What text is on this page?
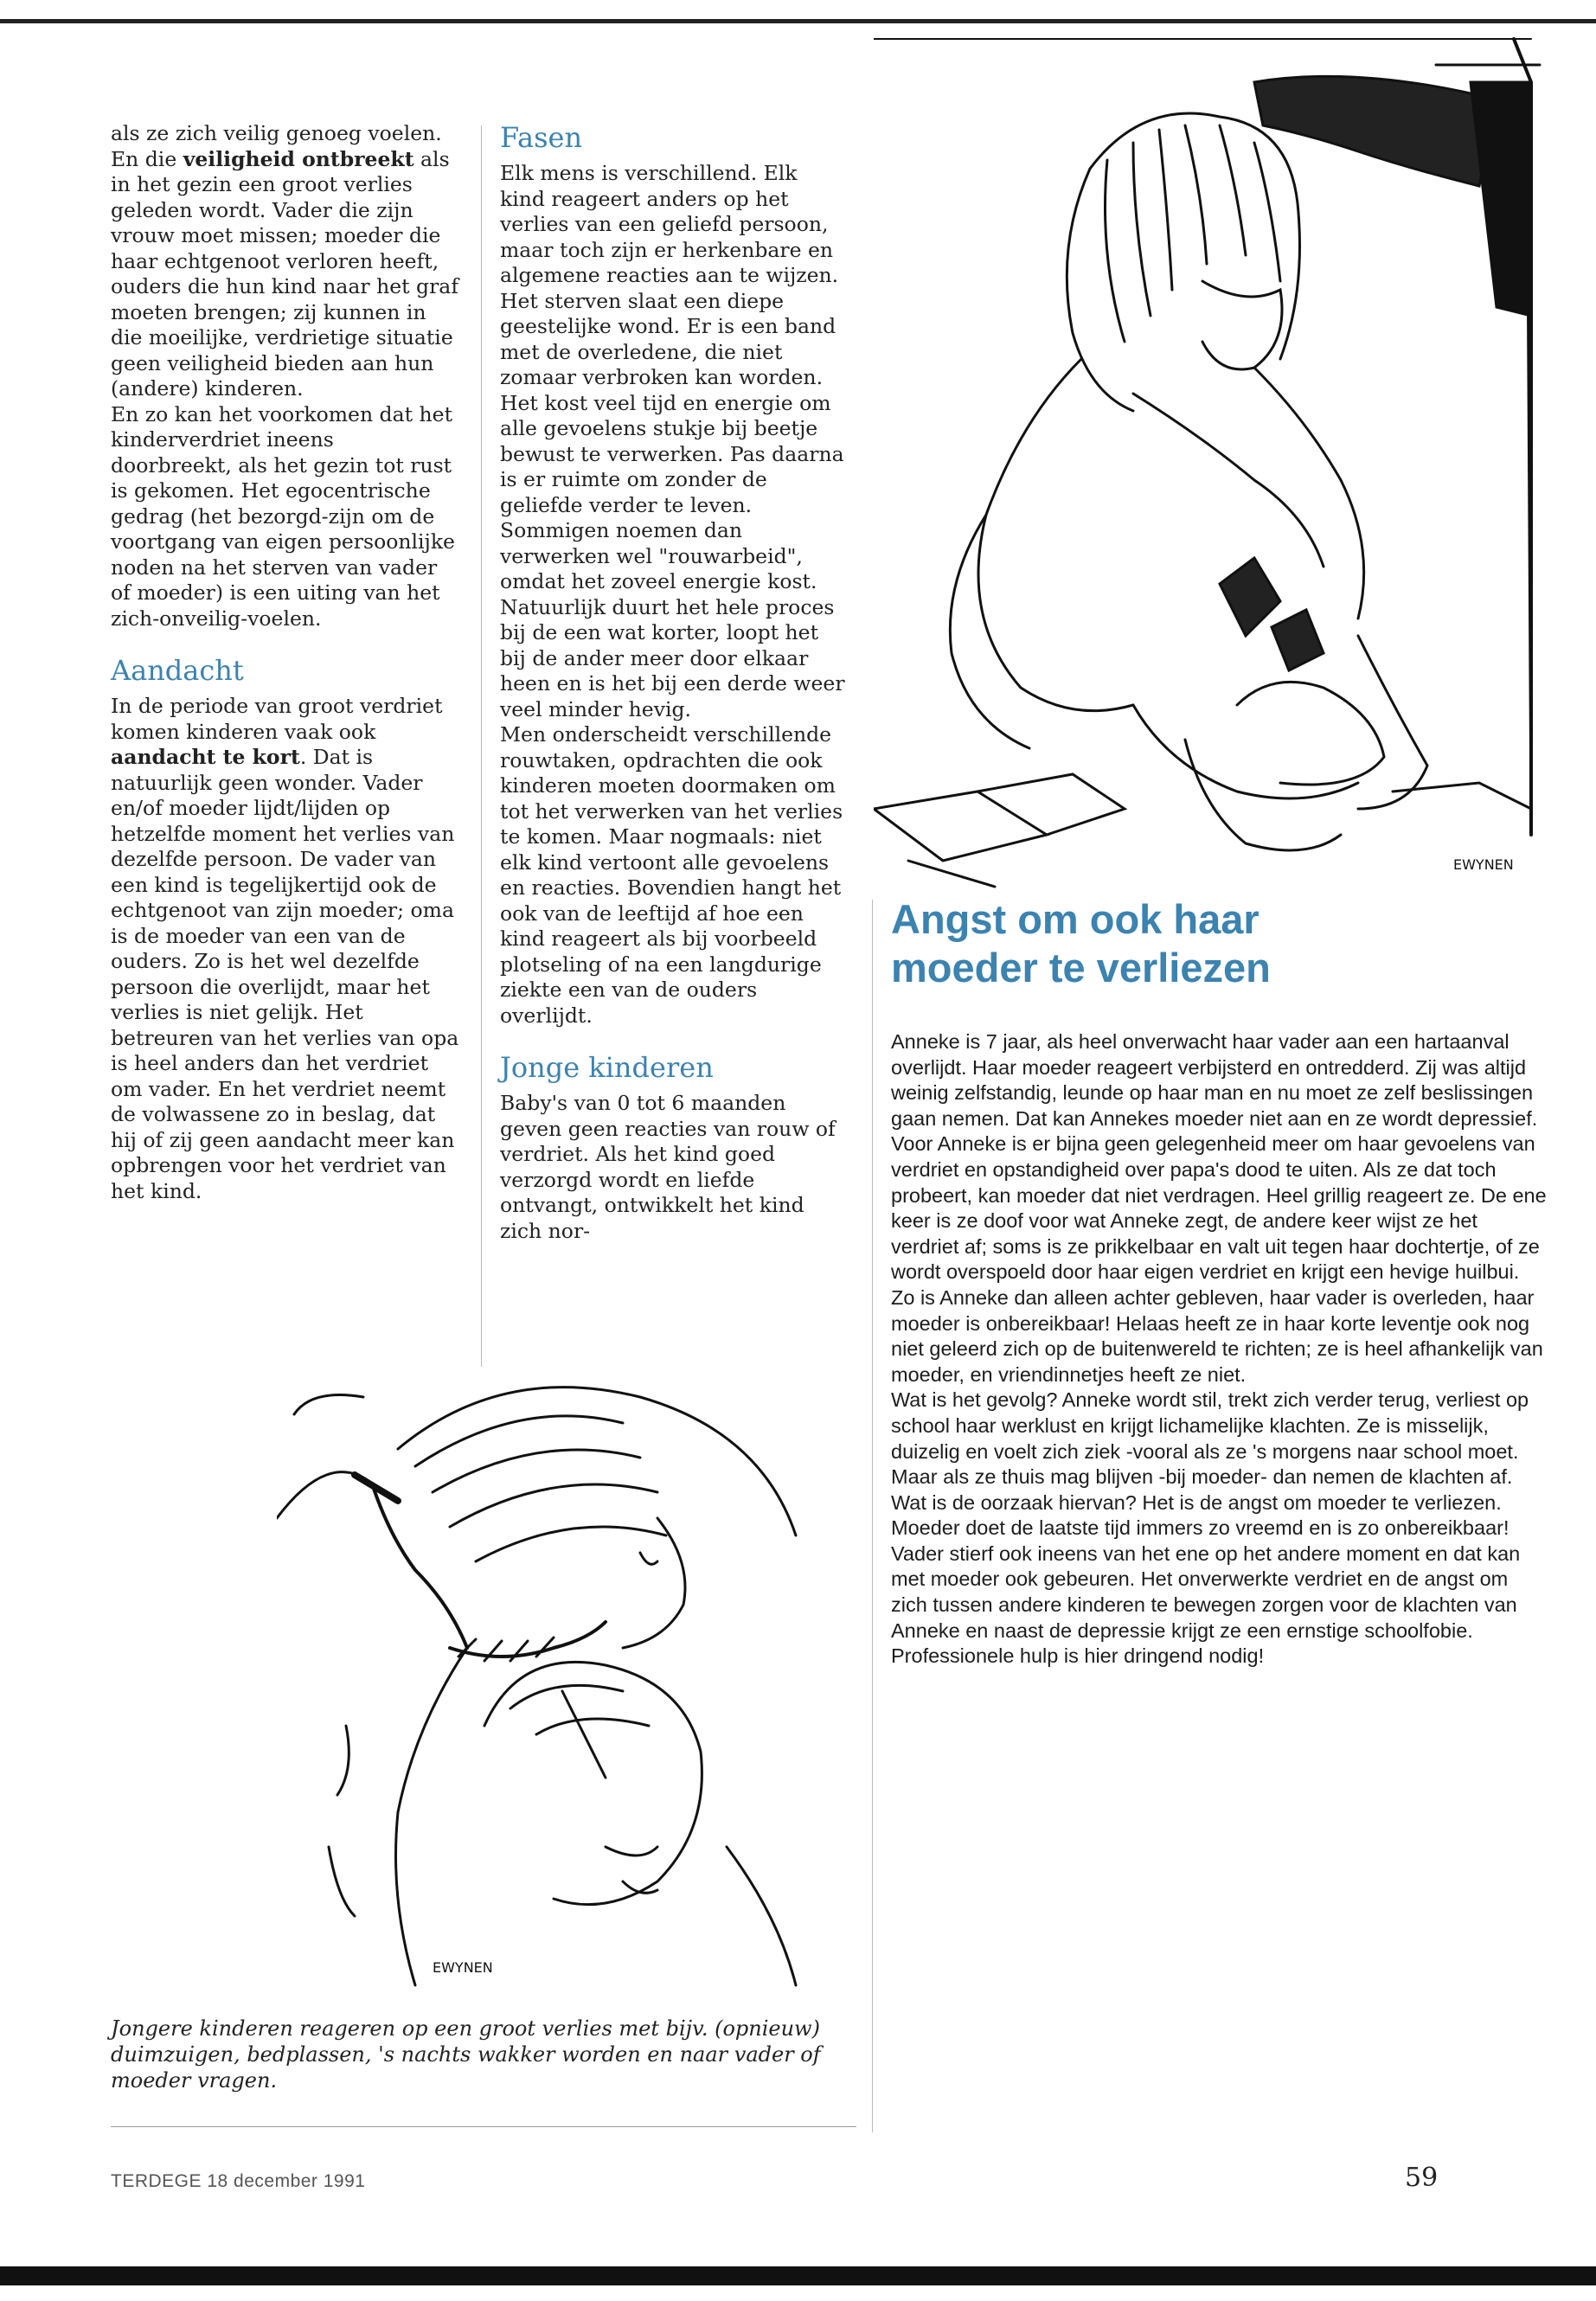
als ze zich veilig genoeg voelen. En die veiligheid ontbreekt als in het gezin een groot verlies geleden wordt. Vader die zijn vrouw moet missen; moeder die haar echtgenoot verloren heeft, ouders die hun kind naar het graf moeten brengen; zij kunnen in die moeilijke, verdrietige situatie geen veiligheid bieden aan hun (andere) kinderen.

En zo kan het voorkomen dat het kinderverdriet ineens doorbreekt, als het gezin tot rust is gekomen. Het egocentrische gedrag (het bezorgd-zijn om de voortgang van eigen persoonlijke noden na het sterven van vader of moeder) is een uiting van het zich-onveilig-voelen.

Aandacht

In de periode van groot verdriet komen kinderen vaak ook aandacht te kort. Dat is natuurlijk geen wonder. Vader en/of moeder lijdt/lijden op hetzelfde moment het verlies van dezelfde persoon. De vader van een kind is tegelijkertijd ook de echtgenoot van zijn moeder; oma is de moeder van een van de ouders. Zo is het wel dezelfde persoon die overlijdt, maar het verlies is niet gelijk. Het betreuren van het verlies van opa is heel anders dan het verdriet om vader. En het verdriet neemt de volwassene zo in beslag, dat hij of zij geen aandacht meer kan opbrengen voor het verdriet van het kind.

Fasen

Elk mens is verschillend. Elk kind reageert anders op het verlies van een geliefd persoon, maar toch zijn er herkenbare en algemene reacties aan te wijzen. Het sterven slaat een diepe geestelijke wond. Er is een band met de overledene, die niet zomaar verbroken kan worden. Het kost veel tijd en energie om alle gevoelens stukje bij beetje bewust te verwerken. Pas daarna is er ruimte om zonder de geliefde verder te leven. Sommigen noemen dan verwerken wel "rouwarbeid", omdat het zoveel energie kost. Natuurlijk duurt het hele proces bij de een wat korter, loopt het bij de ander meer door elkaar heen en is het bij een derde weer veel minder hevig.

Men onderscheidt verschillende rouwtaken, opdrachten die ook kinderen moeten doormaken om tot het verwerken van het verlies te komen. Maar nogmaals: niet elk kind vertoont alle gevoelens en reacties. Bovendien hangt het ook van de leeftijd af hoe een kind reageert als bij voorbeeld plotseling of na een langdurige ziekte een van de ouders overlijdt.

Jonge kinderen

Baby's van 0 tot 6 maanden geven geen reacties van rouw of verdriet. Als het kind goed verzorgd wordt en liefde ontvangt, ontwikkelt het kind zich nor-

EWYNEN
EWYNEN
Jongere kinderen reageren op een groot verlies met bijv. (opnieuw) duimzuigen, bedplassen, 's nachts wakker worden en naar vader of moeder vragen.
Angst om ook haar
moeder te verliezen

Anneke is 7 jaar, als heel onverwacht haar vader aan een hartaanval overlijdt. Haar moeder reageert verbijsterd en ontredderd. Zij was altijd weinig zelfstandig, leunde op haar man en nu moet ze zelf beslissingen gaan nemen. Dat kan Annekes moeder niet aan en ze wordt depressief. Voor Anneke is er bijna geen gelegenheid meer om haar gevoelens van verdriet en opstandigheid over papa's dood te uiten. Als ze dat toch probeert, kan moeder dat niet verdragen. Heel grillig reageert ze. De ene keer is ze doof voor wat Anneke zegt, de andere keer wijst ze het verdriet af; soms is ze prikkelbaar en valt uit tegen haar dochtertje, of ze wordt overspoeld door haar eigen verdriet en krijgt een hevige huilbui. Zo is Anneke dan alleen achter gebleven, haar vader is overleden, haar moeder is onbereikbaar! Helaas heeft ze in haar korte leventje ook nog niet geleerd zich op de buitenwereld te richten; ze is heel afhankelijk van moeder, en vriendinnetjes heeft ze niet.

Wat is het gevolg? Anneke wordt stil, trekt zich verder terug, verliest op school haar werklust en krijgt lichamelijke klachten. Ze is misselijk, duizelig en voelt zich ziek -vooral als ze 's morgens naar school moet. Maar als ze thuis mag blijven -bij moeder- dan nemen de klachten af. Wat is de oorzaak hiervan? Het is de angst om moeder te verliezen. Moeder doet de laatste tijd immers zo vreemd en is zo onbereikbaar! Vader stierf ook ineens van het ene op het andere moment en dat kan met moeder ook gebeuren. Het onverwerkte verdriet en de angst om zich tussen andere kinderen te bewegen zorgen voor de klachten van Anneke en naast de depressie krijgt ze een ernstige schoolfobie. Professionele hulp is hier dringend nodig!

TERDEGE 18 december 1991	59
